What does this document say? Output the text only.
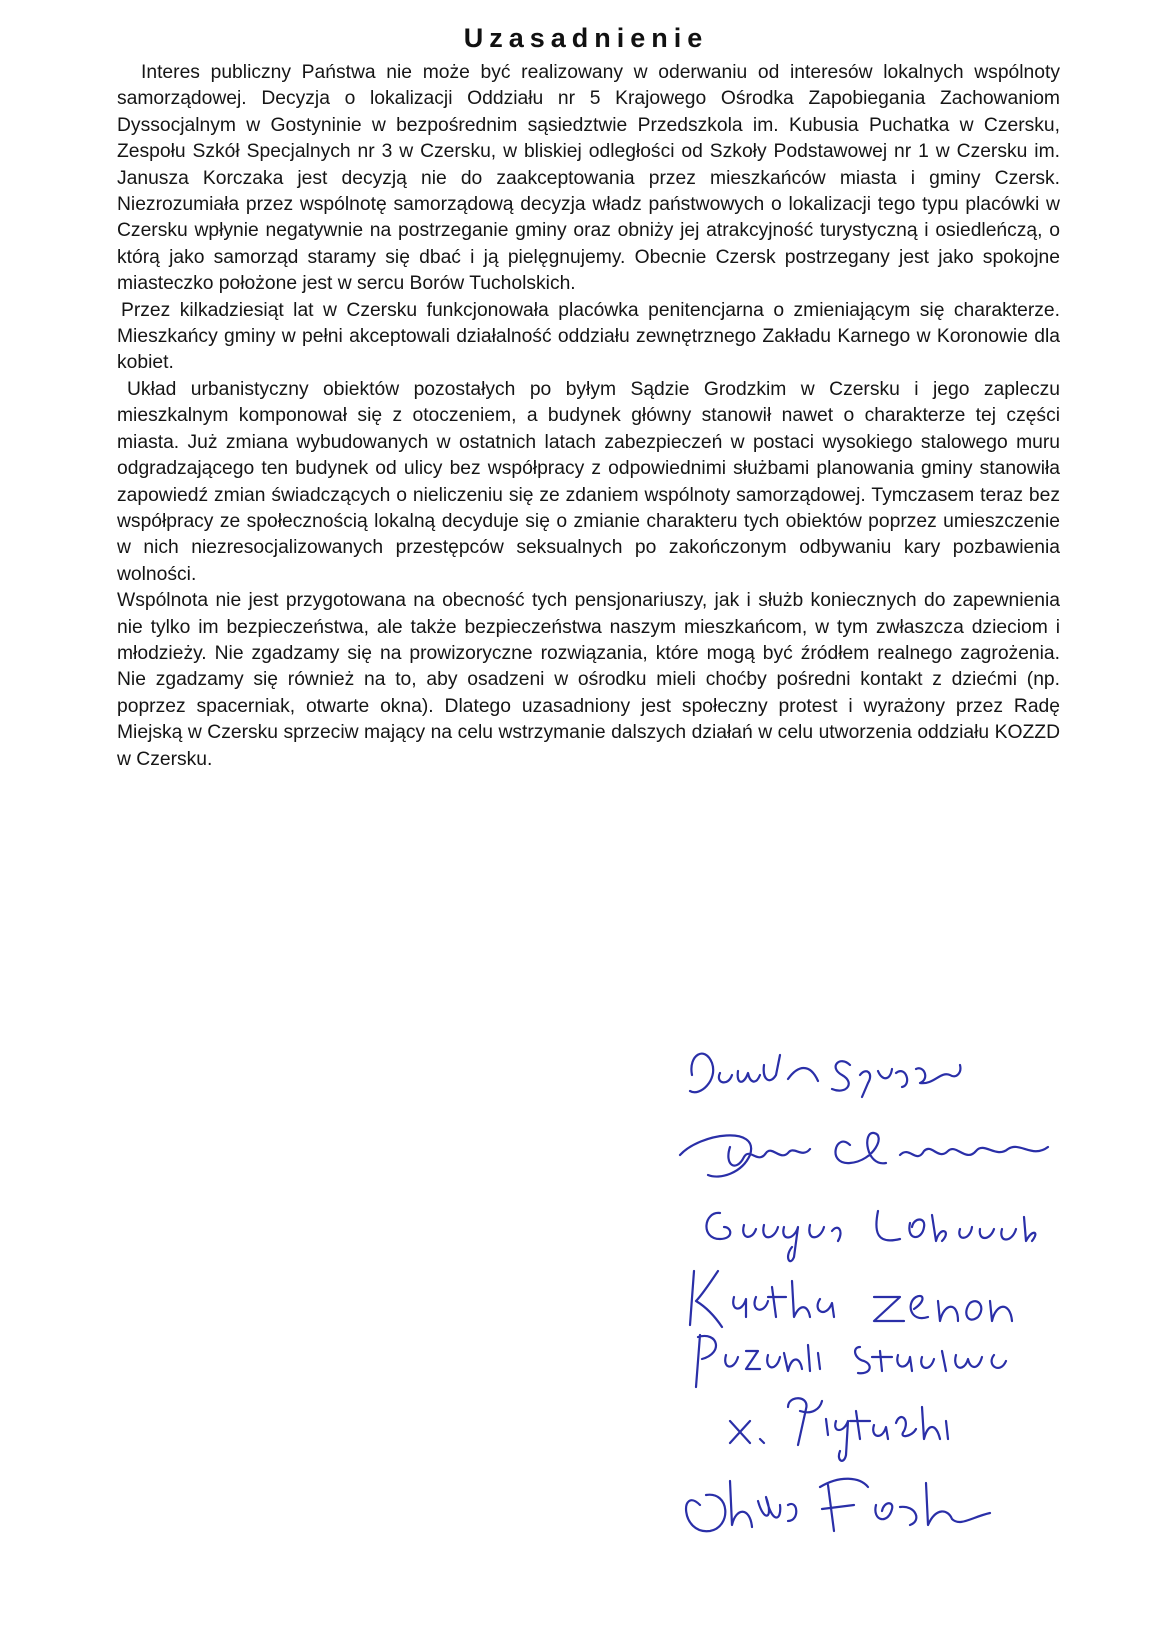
Uzasadnienie

Interes publiczny Państwa nie może być realizowany w oderwaniu od interesów lokalnych wspólnoty samorządowej. Decyzja o lokalizacji Oddziału nr 5 Krajowego Ośrodka Zapobiegania Zachowaniom Dyssocjalnym w Gostyninie w bezpośrednim sąsiedztwie Przedszkola im. Kubusia Puchatka w Czersku, Zespołu Szkół Specjalnych nr 3 w Czersku, w bliskiej odległości od Szkoły Podstawowej nr 1 w Czersku im. Janusza Korczaka jest decyzją nie do zaakceptowania przez mieszkańców miasta i gminy Czersk. Niezrozumiała przez wspólnotę samorządową decyzja władz państwowych o lokalizacji tego typu placówki w Czersku wpłynie negatywnie na postrzeganie gminy oraz obniży jej atrakcyjność turystyczną i osiedleńczą, o którą jako samorząd staramy się dbać i ją pielęgnujemy. Obecnie Czersk postrzegany jest jako spokojne miasteczko położone jest w sercu Borów Tucholskich.

Przez kilkadziesiąt lat w Czersku funkcjonowała placówka penitencjarna o zmieniającym się charakterze. Mieszkańcy gminy w pełni akceptowali działalność oddziału zewnętrznego Zakładu Karnego w Koronowie dla kobiet.

Układ urbanistyczny obiektów pozostałych po byłym Sądzie Grodzkim w Czersku i jego zapleczu mieszkalnym komponował się z otoczeniem, a budynek główny stanowił nawet o charakterze tej części miasta. Już zmiana wybudowanych w ostatnich latach zabezpieczeń w postaci wysokiego stalowego muru odgradzającego ten budynek od ulicy bez współpracy z odpowiednimi służbami planowania gminy stanowiła zapowiedź zmian świadczących o nieliczeniu się ze zdaniem wspólnoty samorządowej. Tymczasem teraz bez współpracy ze społecznością lokalną decyduje się o zmianie charakteru tych obiektów poprzez umieszczenie w nich niezresocjalizowanych przestępców seksualnych po zakończonym odbywaniu kary pozbawienia wolności.

Wspólnota nie jest przygotowana na obecność tych pensjonariuszy, jak i służb koniecznych do zapewnienia nie tylko im bezpieczeństwa, ale także bezpieczeństwa naszym mieszkańcom, w tym zwłaszcza dzieciom i młodzieży. Nie zgadzamy się na prowizoryczne rozwiązania, które mogą być źródłem realnego zagrożenia. Nie zgadzamy się również na to, aby osadzeni w ośrodku mieli choćby pośredni kontakt z dziećmi (np. poprzez spacerniak, otwarte okna). Dlatego uzasadniony jest społeczny protest i wyrażony przez Radę Miejską w Czersku sprzeciw mający na celu wstrzymanie dalszych działań w celu utworzenia oddziału KOZZD w Czersku.
